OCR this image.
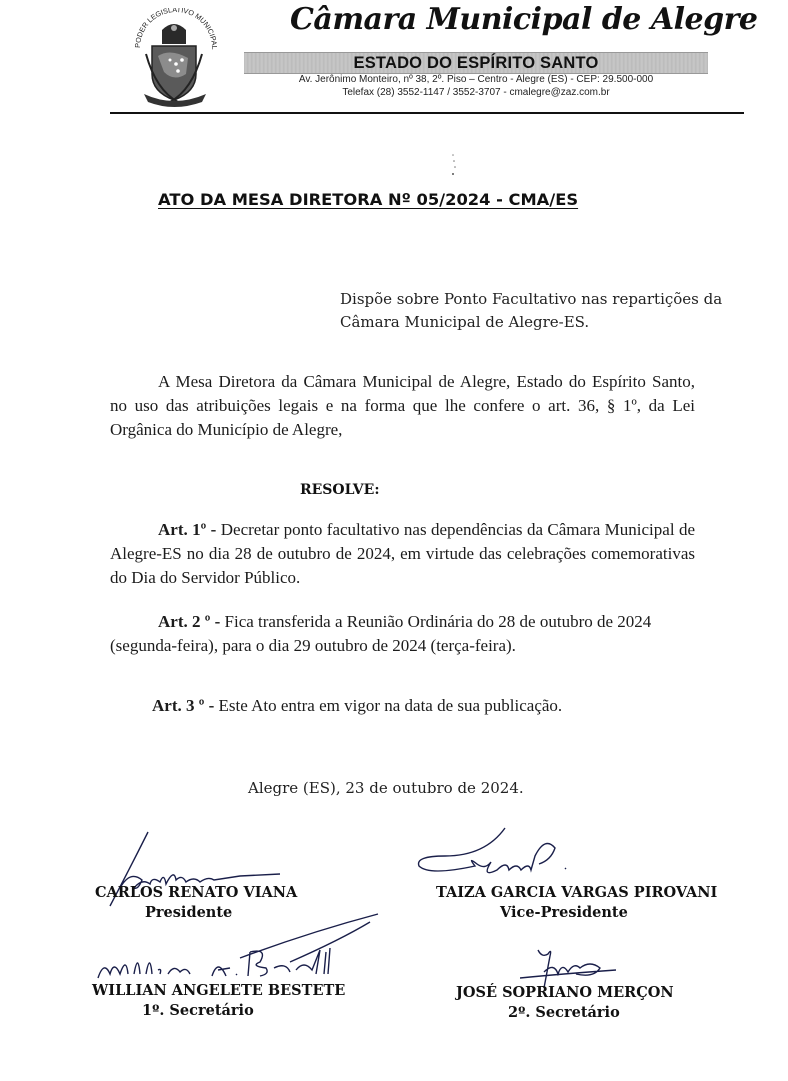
PODER LEGISLATIVO MUNICIPAL
Câmara Municipal de Alegre
ESTADO DO ESPÍRITO SANTO
Av. Jerônimo Monteiro, nº 38, 2º. Piso – Centro - Alegre (ES) - CEP: 29.500-000
Telefax (28) 3552-1147 / 3552-3707 - cmalegre@zaz.com.br
ATO DA MESA DIRETORA Nº 05/2024 - CMA/ES
Dispõe sobre Ponto Facultativo nas repartições da Câmara Municipal de Alegre-ES.
A Mesa Diretora da Câmara Municipal de Alegre, Estado do Espírito Santo, no uso das atribuições legais e na forma que lhe confere o art. 36, § 1º, da Lei Orgânica do Município de Alegre,
RESOLVE:
Art. 1º - Decretar ponto facultativo nas dependências da Câmara Municipal de Alegre-ES no dia 28 de outubro de 2024, em virtude das celebrações comemorativas do Dia do Servidor Público.
Art. 2 º - Fica transferida a Reunião Ordinária do 28 de outubro de 2024 (segunda-feira), para o dia 29 outubro de 2024 (terça-feira).
Art. 3 º - Este Ato entra em vigor na data de sua publicação.
Alegre (ES), 23 de outubro de 2024.
CARLOS RENATO VIANA
Presidente
TAIZA GARCIA VARGAS PIROVANI
Vice-Presidente
WILLIAN ANGELETE BESTETE
1º. Secretário
JOSÉ SOPRIANO MERÇON
2º. Secretário
